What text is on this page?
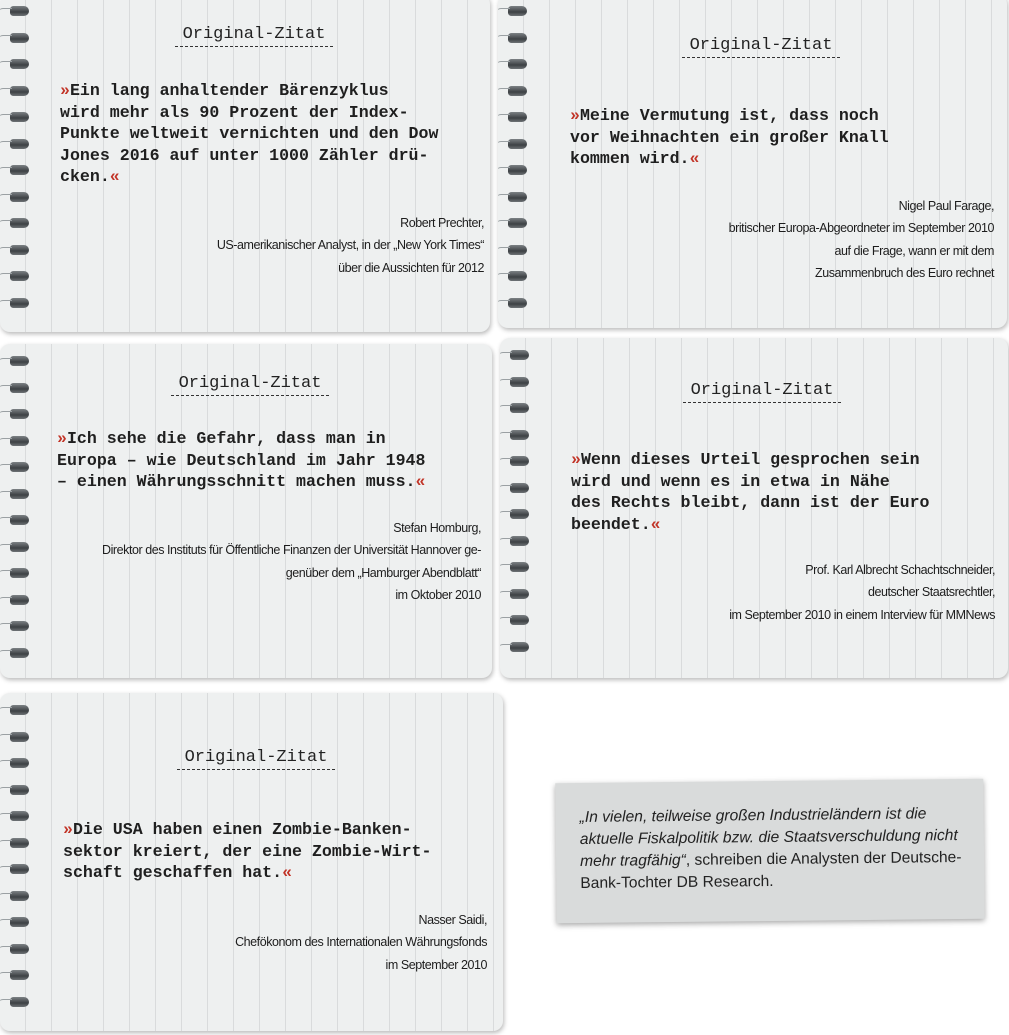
Original-Zitat

»Ein lang anhaltender Bärenzyklus
wird mehr als 90 Prozent der Index-
Punkte weltweit vernichten und den Dow
Jones 2016 auf unter 1000 Zähler drü-
cken.«

Robert Prechter,
US-amerikanischer Analyst, in der „New York Times“
über die Aussichten für 2012
Original-Zitat

»Meine Vermutung ist, dass noch
vor Weihnachten ein großer Knall
kommen wird.«

Nigel Paul Farage,
britischer Europa-Abgeordneter im September 2010
auf die Frage, wann er mit dem
Zusammenbruch des Euro rechnet
Original-Zitat

»Ich sehe die Gefahr, dass man in
Europa – wie Deutschland im Jahr 1948
– einen Währungsschnitt machen muss.«

Stefan Homburg,
Direktor des Instituts für Öffentliche Finanzen der Universität Hannover ge-
genüber dem „Hamburger Abendblatt“
im Oktober 2010
Original-Zitat

»Wenn dieses Urteil gesprochen sein
wird und wenn es in etwa in Nähe
des Rechts bleibt, dann ist der Euro
beendet.«

Prof. Karl Albrecht Schachtschneider,
deutscher Staatsrechtler,
im September 2010 in einem Interview für MMNews
Original-Zitat

»Die USA haben einen Zombie-Banken-
sektor kreiert, der eine Zombie-Wirt-
schaft geschaffen hat.«

Nasser Saidi,
Chefökonom des Internationalen Währungsfonds
im September 2010

„In vielen, teilweise großen Industrieländern ist die aktuelle Fiskalpolitik bzw. die Staatsverschuldung nicht mehr tragfähig“, schreiben die Analysten der Deutsche-Bank-Tochter DB Research.
